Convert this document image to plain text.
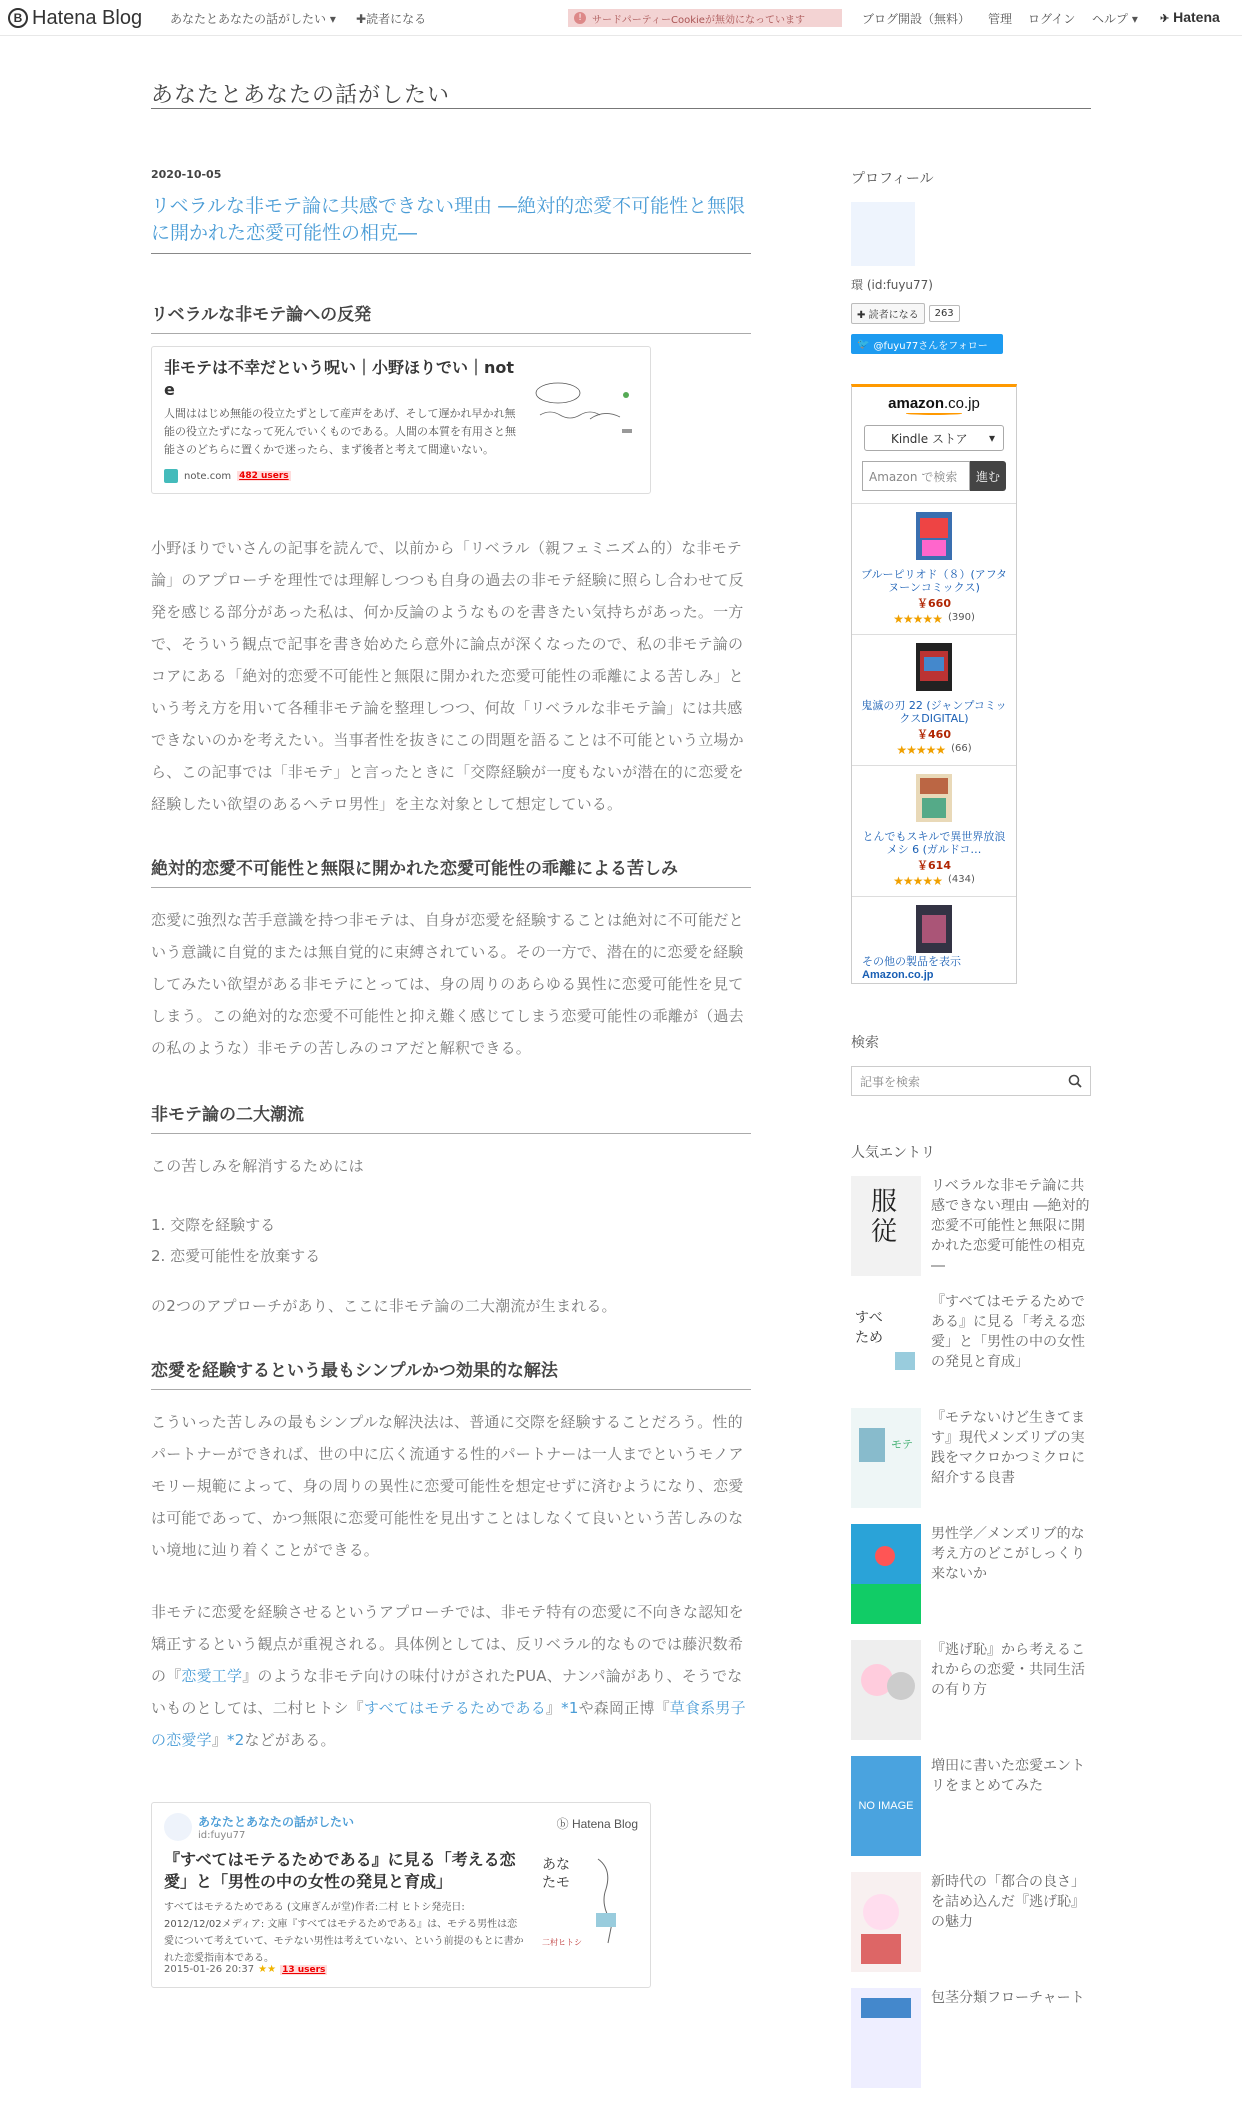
B Hatena Blog あなたとあなたの話がしたい ▾ ✚読者になる	!	サードパーティーCookieが無効になっています	ブログ開設（無料） 管理 ログイン ヘルプ ▾ ✈ Hatena
あなたとあなたの話がしたい
2020-10-05
リベラルな非モテ論に共感できない理由 ―絶対的恋愛不可能性と無限に開かれた恋愛可能性の相克―
リベラルな非モテ論への反発
非モテは不幸だという呪い｜小野ほりでい｜note
人間ははじめ無能の役立たずとして産声をあげ、そして遅かれ早かれ無能の役立たずになって死んでいくものである。人間の本質を有用さと無能さのどちらに置くかで迷ったら、まず後者と考えて間違いない。
note.com 482 users

小野ほりでいさんの記事を読んで、以前から「リベラル（親フェミニズム的）な非モテ論」のアプローチを理性では理解しつつも自身の過去の非モテ経験に照らし合わせて反発を感じる部分があった私は、何か反論のようなものを書きたい気持ちがあった。一方で、そういう観点で記事を書き始めたら意外に論点が深くなったので、私の非モテ論のコアにある「絶対的恋愛不可能性と無限に開かれた恋愛可能性の乖離による苦しみ」という考え方を用いて各種非モテ論を整理しつつ、何故「リベラルな非モテ論」には共感できないのかを考えたい。当事者性を抜きにこの問題を語ることは不可能という立場から、この記事では「非モテ」と言ったときに「交際経験が一度もないが潜在的に恋愛を経験したい欲望のあるヘテロ男性」を主な対象として想定している。

絶対的恋愛不可能性と無限に開かれた恋愛可能性の乖離による苦しみ

恋愛に強烈な苦手意識を持つ非モテは、自身が恋愛を経験することは絶対に不可能だという意識に自覚的または無自覚的に束縛されている。その一方で、潜在的に恋愛を経験してみたい欲望がある非モテにとっては、身の周りのあらゆる異性に恋愛可能性を見てしまう。この絶対的な恋愛不可能性と抑え難く感じてしまう恋愛可能性の乖離が（過去の私のような）非モテの苦しみのコアだと解釈できる。

非モテ論の二大潮流

この苦しみを解消するためには

1. 交際を経験する
2. 恋愛可能性を放棄する

の2つのアプローチがあり、ここに非モテ論の二大潮流が生まれる。

恋愛を経験するという最もシンプルかつ効果的な解法

こういった苦しみの最もシンプルな解決法は、普通に交際を経験することだろう。性的パートナーができれば、世の中に広く流通する性的パートナーは一人までというモノアモリー規範によって、身の周りの異性に恋愛可能性を想定せずに済むようになり、恋愛は可能であって、かつ無限に恋愛可能性を見出すことはしなくて良いという苦しみのない境地に辿り着くことができる。

非モテに恋愛を経験させるというアプローチでは、非モテ特有の恋愛に不向きな認知を矯正するという観点が重視される。具体例としては、反リベラル的なものでは藤沢数希の『恋愛工学』のような非モテ向けの味付けがされたPUA、ナンパ論があり、そうでないものとしては、二村ヒトシ『すべてはモテるためである』*1や森岡正博『草食系男子の恋愛学』*2などがある。

あなたとあなたの話がしたい
id:fuyu77
ⓑ Hatena Blog
『すべてはモテるためである』に見る「考える恋愛」と「男性の中の女性の発見と育成」
すべてはモテるためである (文庫ぎんが堂)作者:二村 ヒトシ発売日: 2012/12/02メディア: 文庫『すべてはモテるためである』は、モテる男性は恋愛について考えていて、モテない男性は考えていない、という前提のもとに書かれた恋愛指南本である。
2015-01-26 20:37 ★★ 13 users
あな
たモ
二村ヒトシ
プロフィール
環 (id:fuyu77)
✚ 読者になる	263
🐦 @fuyu77さんをフォロー
amazon.co.jp
Kindle ストア ▾
Amazon で検索	進む
ブルーピリオド（８）(アフタヌーンコミックス)
￥660
★★★★★ (390)
鬼滅の刃 22 (ジャンプコミックスDIGITAL)
￥460
★★★★★ (66)
とんでもスキルで異世界放浪メシ 6 (ガルドコ…
￥614
★★★★★ (434)
その他の製品を表示
Amazon.co.jp
検索
記事を検索
人気エントリ
服
従
リベラルな非モテ論に共感できない理由 ―絶対的恋愛不可能性と無限に開かれた恋愛可能性の相克―
すべ
ため
『すべてはモテるためである』に見る「考える恋愛」と「男性の中の女性の発見と育成」
モテ
『モテないけど生きてます』現代メンズリブの実践をマクロかつミクロに紹介する良書
男性学／メンズリブ的な考え方のどこがしっくり来ないか
『逃げ恥』から考えるこれからの恋愛・共同生活の有り方
NO IMAGE
増田に書いた恋愛エントリをまとめてみた
新時代の「都合の良さ」を詰め込んだ『逃げ恥』の魅力
包茎分類フローチャート
